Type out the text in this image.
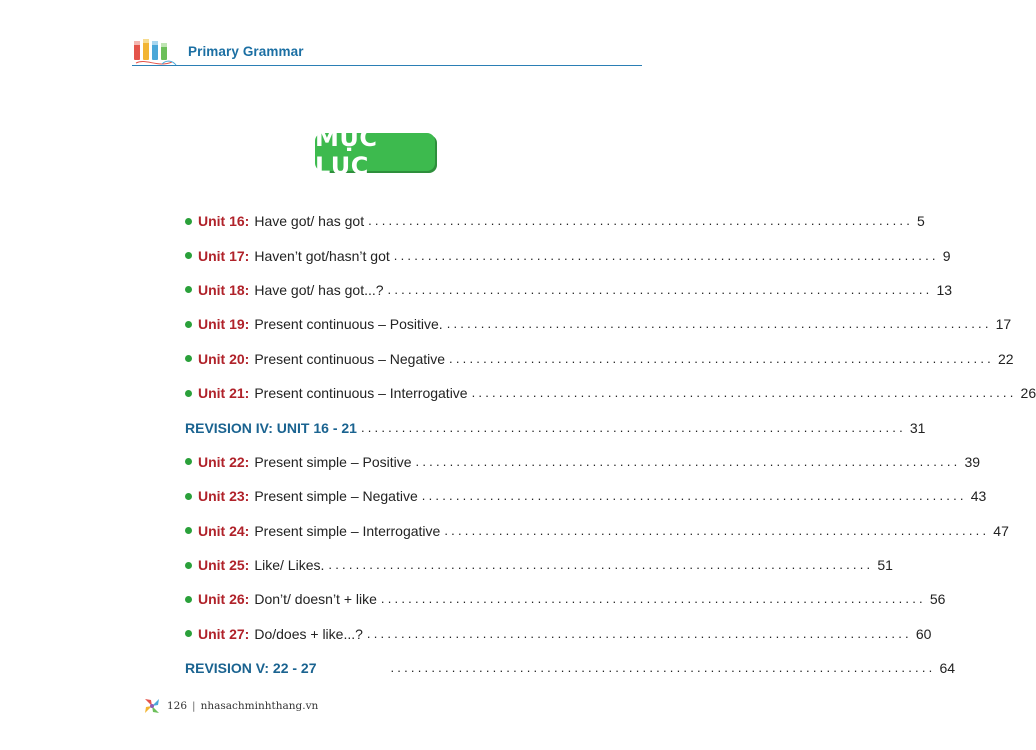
Primary Grammar
MỤC LỤC
Unit 16: Have got/ has got ................................................................................ 5
Unit 17: Haven’t got/hasn’t got ................................................................................ 9
Unit 18: Have got/ has got...? ................................................................................ 13
Unit 19: Present continuous – Positive. ................................................................................ 17
Unit 20: Present continuous – Negative ................................................................................ 22
Unit 21: Present continuous – Interrogative ................................................................................ 26
REVISION IV: UNIT 16 - 21 ................................................................................ 31
Unit 22: Present simple – Positive ................................................................................ 39
Unit 23: Present simple – Negative ................................................................................ 43
Unit 24: Present simple – Interrogative ................................................................................ 47
Unit 25: Like/ Likes. ................................................................................ 51
Unit 26: Don’t/ doesn’t + like ................................................................................ 56
Unit 27: Do/does + like...? ................................................................................ 60
REVISION V: 22 - 27	................................................................................ 64
126 | nhasachminhthang.vn
